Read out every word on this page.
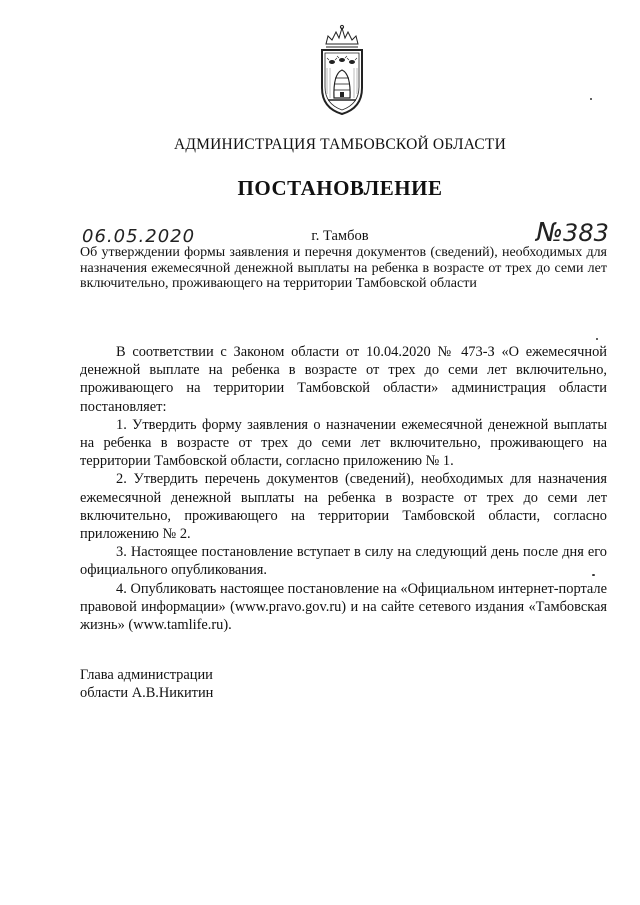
АДМИНИСТРАЦИЯ ТАМБОВСКОЙ ОБЛАСТИ
ПОСТАНОВЛЕНИЕ
06.05.2020	г. Тамбов	№383
Об утверждении формы заявления и перечня документов (сведений), необходимых для назначения ежемесячной денежной выплаты на ребенка в возрасте от трех до семи лет включительно, проживающего на территории Тамбовской области

В соответствии с Законом области от 10.04.2020 № 473-З «О ежемесячной денежной выплате на ребенка в возрасте от трех до семи лет включительно, проживающего на территории Тамбовской области» администрация области постановляет:

1. Утвердить форму заявления о назначении ежемесячной денежной выплаты на ребенка в возрасте от трех до семи лет включительно, проживающего на территории Тамбовской области, согласно приложению № 1.

2. Утвердить перечень документов (сведений), необходимых для назначения ежемесячной денежной выплаты на ребенка в возрасте от трех до семи лет включительно, проживающего на территории Тамбовской области, согласно приложению № 2.

3. Настоящее постановление вступает в силу на следующий день после дня его официального опубликования.

4. Опубликовать настоящее постановление на «Официальном интернет-портале правовой информации» (www.pravo.gov.ru) и на сайте сетевого издания «Тамбовская жизнь» (www.tamlife.ru).

Глава администрации
области А.В.Никитин
